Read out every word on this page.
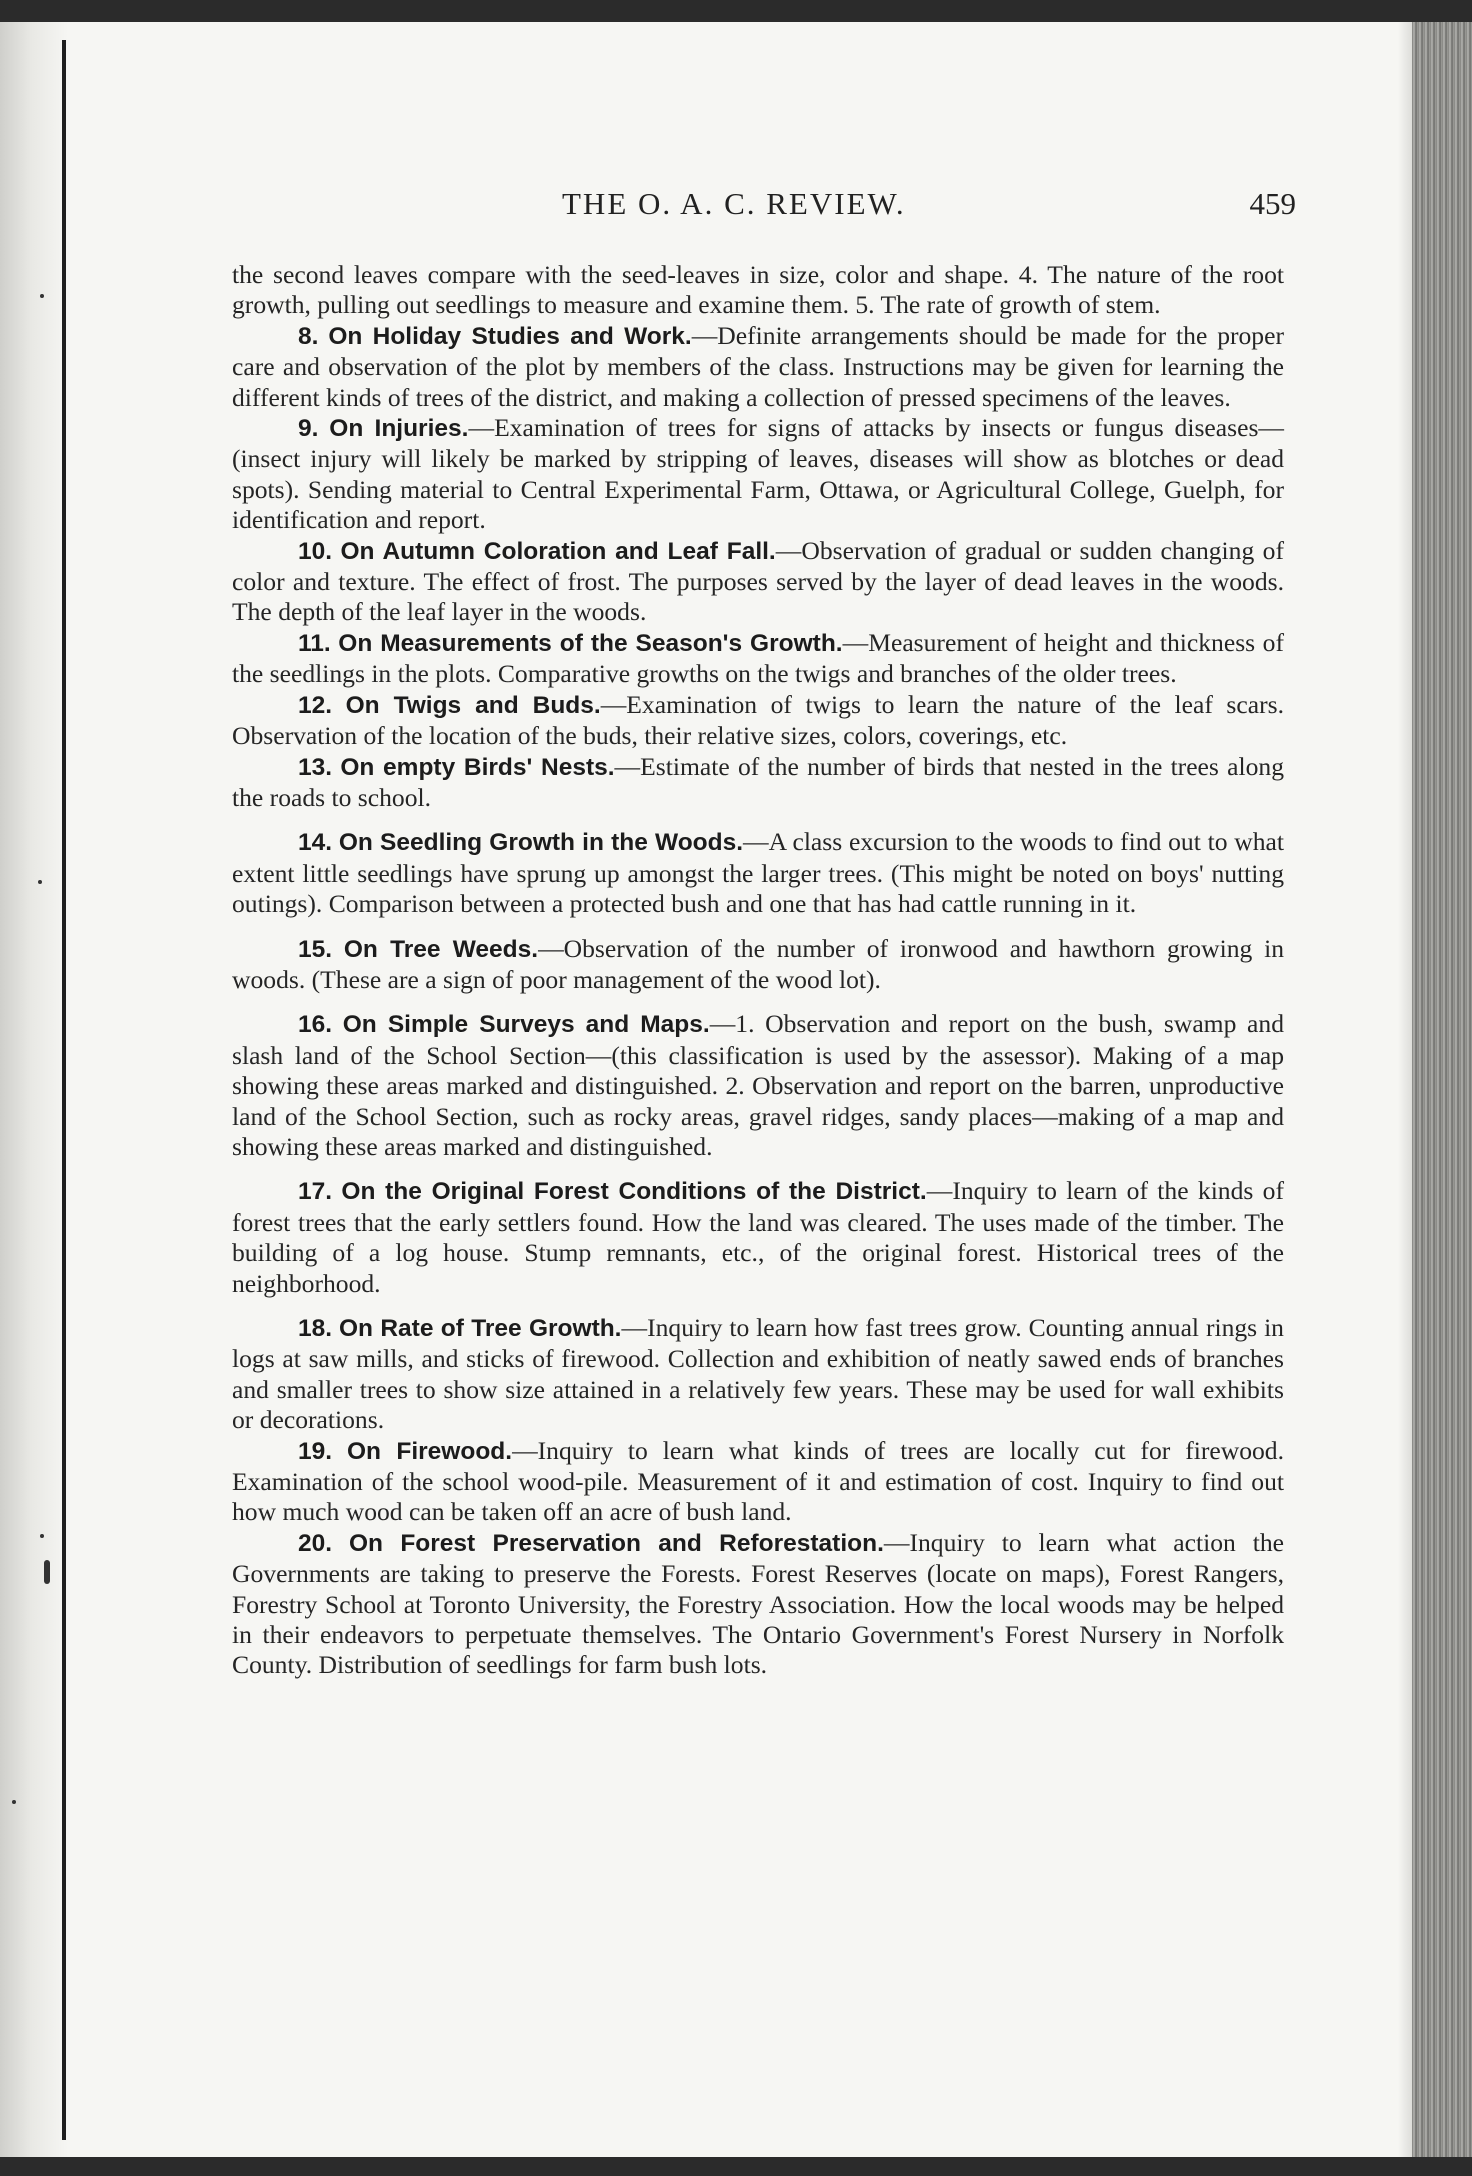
THE O. A. C. REVIEW.	459

the second leaves compare with the seed-leaves in size, color and shape. 4. The nature of the root growth, pulling out seedlings to measure and examine them. 5. The rate of growth of stem.

8. On Holiday Studies and Work.—Definite arrangements should be made for the proper care and observation of the plot by members of the class. Instructions may be given for learning the different kinds of trees of the district, and making a collection of pressed specimens of the leaves.

9. On Injuries.—Examination of trees for signs of attacks by insects or fungus diseases—(insect injury will likely be marked by stripping of leaves, diseases will show as blotches or dead spots). Sending material to Central Experimental Farm, Ottawa, or Agricultural College, Guelph, for identification and report.

10. On Autumn Coloration and Leaf Fall.—Observation of gradual or sudden changing of color and texture. The effect of frost. The purposes served by the layer of dead leaves in the woods. The depth of the leaf layer in the woods.

11. On Measurements of the Season's Growth.—Measurement of height and thickness of the seedlings in the plots. Comparative growths on the twigs and branches of the older trees.

12. On Twigs and Buds.—Examination of twigs to learn the nature of the leaf scars. Observation of the location of the buds, their relative sizes, colors, coverings, etc.

13. On empty Birds' Nests.—Estimate of the number of birds that nested in the trees along the roads to school.

14. On Seedling Growth in the Woods.—A class excursion to the woods to find out to what extent little seedlings have sprung up amongst the larger trees. (This might be noted on boys' nutting outings). Comparison between a protected bush and one that has had cattle running in it.

15. On Tree Weeds.—Observation of the number of ironwood and hawthorn growing in woods. (These are a sign of poor management of the wood lot).

16. On Simple Surveys and Maps.—1. Observation and report on the bush, swamp and slash land of the School Section—(this classification is used by the assessor). Making of a map showing these areas marked and distinguished. 2. Observation and report on the barren, unproductive land of the School Section, such as rocky areas, gravel ridges, sandy places—making of a map and showing these areas marked and distinguished.

17. On the Original Forest Conditions of the District.—Inquiry to learn of the kinds of forest trees that the early settlers found. How the land was cleared. The uses made of the timber. The building of a log house. Stump remnants, etc., of the original forest. Historical trees of the neighborhood.

18. On Rate of Tree Growth.—Inquiry to learn how fast trees grow. Counting annual rings in logs at saw mills, and sticks of firewood. Collection and exhibition of neatly sawed ends of branches and smaller trees to show size attained in a relatively few years. These may be used for wall exhibits or decorations.

19. On Firewood.—Inquiry to learn what kinds of trees are locally cut for firewood. Examination of the school wood-pile. Measurement of it and estimation of cost. Inquiry to find out how much wood can be taken off an acre of bush land.

20. On Forest Preservation and Reforestation.—Inquiry to learn what action the Governments are taking to preserve the Forests. Forest Reserves (locate on maps), Forest Rangers, Forestry School at Toronto University, the Forestry Association. How the local woods may be helped in their endeavors to perpetuate themselves. The Ontario Government's Forest Nursery in Norfolk County. Distribution of seedlings for farm bush lots.
